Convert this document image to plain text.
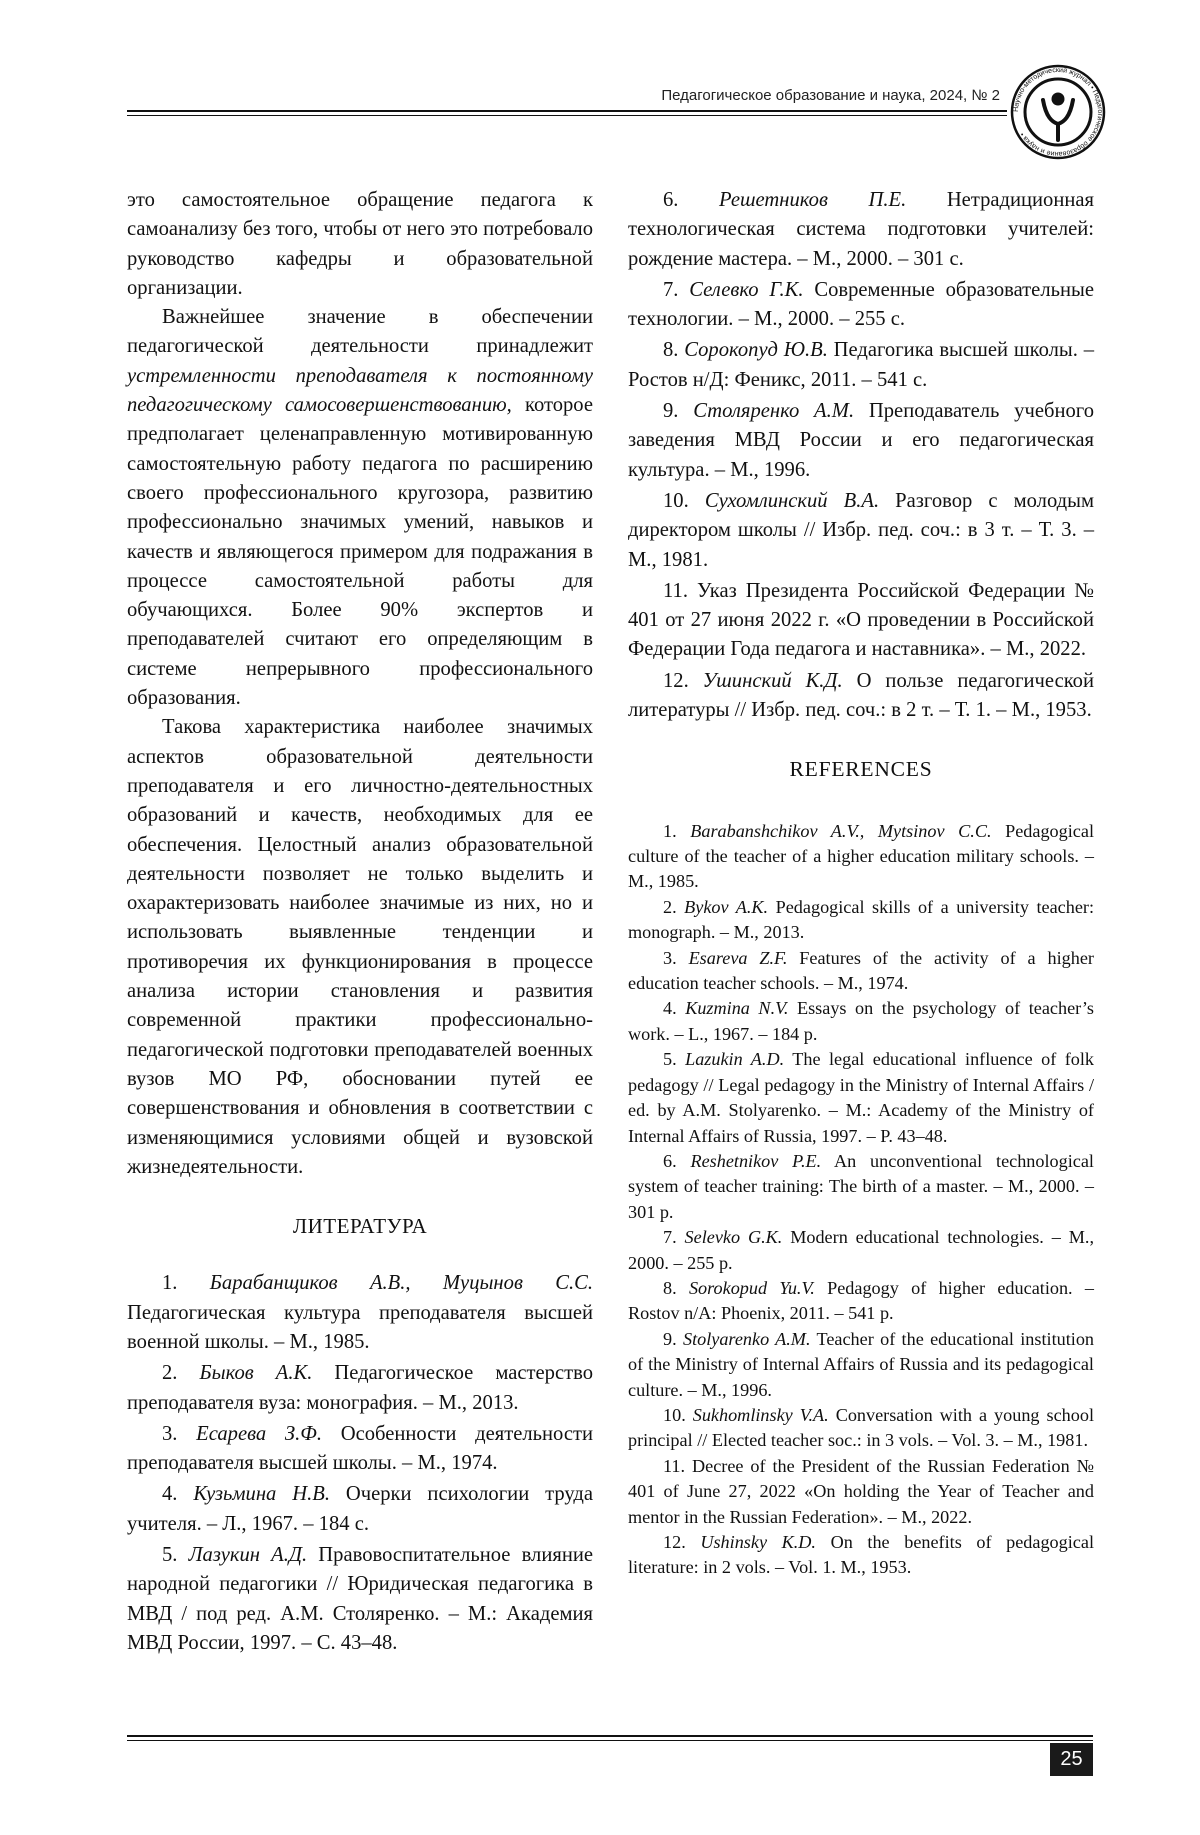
Педагогическое образование и наука, 2024, № 2
Научно-методический журнал • Педагогическое образование и наука •

это самостоятельное обращение педагога к самоанализу без того, чтобы от него это потребовало руководство кафедры и образовательной организации.

Важнейшее значение в обеспечении педагогической деятельности принадлежит устремленности преподавателя к постоянному педагогическому самосовершенствованию, которое предполагает целенаправленную мотивированную самостоятельную работу педагога по расширению своего профессионального кругозора, развитию профессионально значимых умений, навыков и качеств и являющегося примером для подражания в процессе самостоятельной работы для обучающихся. Более 90% экспертов и преподавателей считают его определяющим в системе непрерывного профессионального образования.

Такова характеристика наиболее значимых аспектов образовательной деятельности преподавателя и его личностно-деятельностных образований и качеств, необходимых для ее обеспечения. Целостный анализ образовательной деятельности позволяет не только выделить и охарактеризовать наиболее значимые из них, но и использовать выявленные тенденции и противоречия их функционирования в процессе анализа истории становления и развития современной практики профессионально-педагогической подготовки преподавателей военных вузов МО РФ, обосновании путей ее совершенствования и обновления в соответствии с изменяющимися условиями общей и вузовской жизнедеятельности.

ЛИТЕРАТУРА

1. Барабанщиков А.В., Муцынов С.С. Педагогическая культура преподавателя высшей военной школы. – М., 1985.

2. Быков А.К. Педагогическое мастерство преподавателя вуза: монография. – М., 2013.

3. Есарева З.Ф. Особенности деятельности преподавателя высшей школы. – М., 1974.

4. Кузьмина Н.В. Очерки психологии труда учителя. – Л., 1967. – 184 с.

5. Лазукин А.Д. Правовоспитательное влияние народной педагогики // Юридическая педагогика в МВД / под ред. А.М. Столяренко. – М.: Академия МВД России, 1997. – С. 43–48.

6. Решетников П.Е. Нетрадиционная технологическая система подготовки учителей: рождение мастера. – М., 2000. – 301 с.

7. Селевко Г.К. Современные образовательные технологии. – М., 2000. – 255 с.

8. Сорокопуд Ю.В. Педагогика высшей школы. – Ростов н/Д: Феникс, 2011. – 541 с.

9. Столяренко А.М. Преподаватель учебного заведения МВД России и его педагогическая культура. – М., 1996.

10. Сухомлинский В.А. Разговор с молодым директором школы // Избр. пед. соч.: в 3 т. – Т. 3. – М., 1981.

11. Указ Президента Российской Федерации № 401 от 27 июня 2022 г. «О проведении в Российской Федерации Года педагога и наставника». – М., 2022.

12. Ушинский К.Д. О пользе педагогической литературы // Избр. пед. соч.: в 2 т. – Т. 1. – М., 1953.

REFERENCES

1. Barabanshchikov A.V., Mytsinov C.C. Pedagogical culture of the teacher of a higher education military schools. – M., 1985.

2. Bykov A.K. Pedagogical skills of a university teacher: monograph. – M., 2013.

3. Esareva Z.F. Features of the activity of a higher education teacher schools. – M., 1974.

4. Kuzmina N.V. Essays on the psychology of teacher’s work. – L., 1967. – 184 p.

5. Lazukin A.D. The legal educational influence of folk pedagogy // Legal pedagogy in the Ministry of Internal Affairs / ed. by A.M. Stolyarenko. – M.: Academy of the Ministry of Internal Affairs of Russia, 1997. – P. 43–48.

6. Reshetnikov P.E. An unconventional technological system of teacher training: The birth of a master. – M., 2000. – 301 p.

7. Selevko G.K. Modern educational technologies. – M., 2000. – 255 p.

8. Sorokopud Yu.V. Pedagogy of higher education. – Rostov n/A: Phoenix, 2011. – 541 p.

9. Stolyarenko A.M. Teacher of the educational institution of the Ministry of Internal Affairs of Russia and its pedagogical culture. – M., 1996.

10. Sukhomlinsky V.A. Conversation with a young school principal // Elected teacher soc.: in 3 vols. – Vol. 3. – M., 1981.

11. Decree of the President of the Russian Federation № 401 of June 27, 2022 «On holding the Year of Teacher and mentor in the Russian Federation». – M., 2022.

12. Ushinsky K.D. On the benefits of pedagogical literature: in 2 vols. – Vol. 1. M., 1953.

25
